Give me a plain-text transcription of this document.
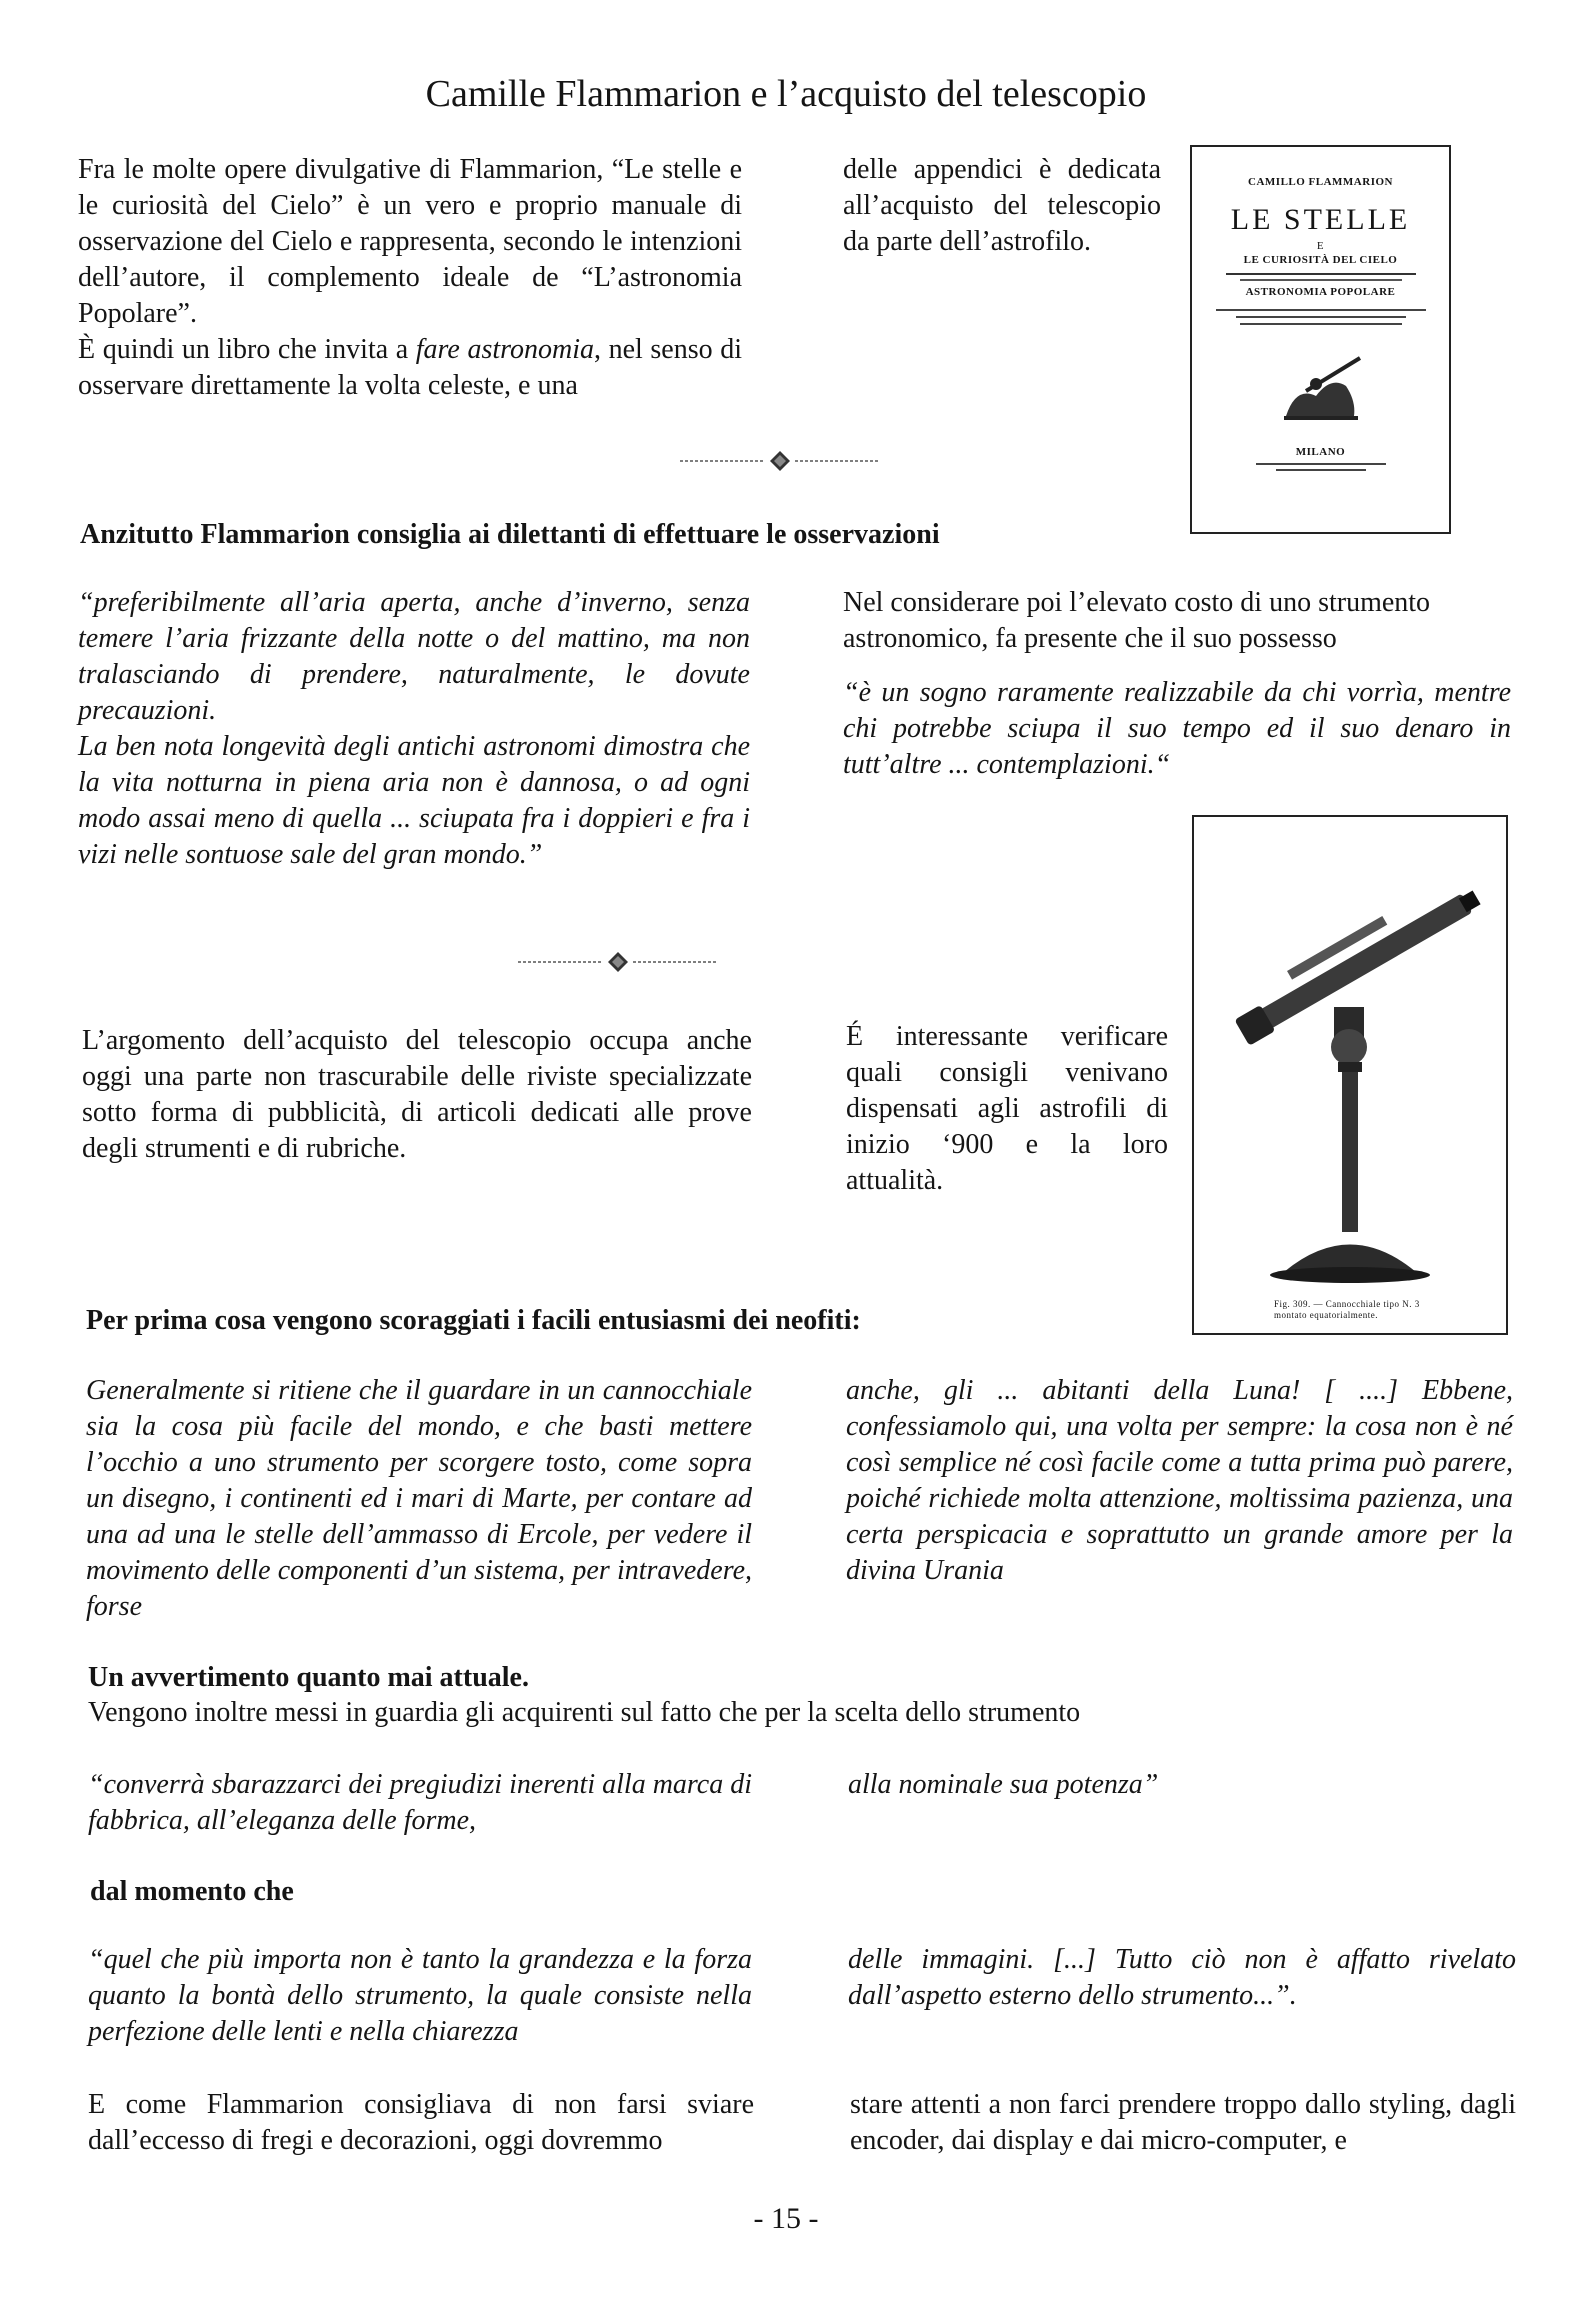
Camille Flammarion e l’acquisto del telescopio

Fra le molte opere divulgative di Flammarion, “Le stelle e le curiosità del Cielo” è un vero e proprio manuale di osservazione del Cielo e rappresenta, secondo le intenzioni dell’autore, il complemento ideale de “L’astronomia Popolare”.

È quindi un libro che invita a fare astronomia, nel senso di osservare direttamente la volta celeste, e una

delle appendici è dedicata all’acquisto del telescopio da parte dell’astrofilo.

CAMILLO FLAMMARION
LE STELLE
E
LE CURIOSITÀ DEL CIELO
ASTRONOMIA POPOLARE
MILANO
Anzitutto Flammarion consiglia ai dilettanti di effettuare le osservazioni

“preferibilmente all’aria aperta, anche d’inverno, senza temere l’aria frizzante della notte o del mattino, ma non tralasciando di prendere, naturalmente, le dovute precauzioni.

La ben nota longevità degli antichi astronomi dimostra che la vita notturna in piena aria non è dannosa, o ad ogni modo assai meno di quella ... sciupata fra i doppieri e fra i vizi nelle sontuose sale del gran mondo.”

Nel considerare poi l’elevato costo di uno strumento astronomico, fa presente che il suo possesso

“è un sogno raramente realizzabile da chi vorrìa, mentre chi potrebbe sciupa il suo tempo ed il suo denaro in tutt’altre ... contemplazioni.“

L’argomento dell’acquisto del telescopio occupa anche oggi una parte non trascurabile delle riviste specializzate sotto forma di pubblicità, di articoli dedicati alle prove degli strumenti e di rubriche.

É interessante verificare quali consigli venivano dispensati agli astrofili di inizio ‘900 e la loro attualità.

Fig. 309. — Cannocchiale tipo N. 3 montato equatorialmente.
Per prima cosa vengono scoraggiati i facili entusiasmi dei neofiti:

Generalmente si ritiene che il guardare in un cannocchiale sia la cosa più facile del mondo, e che basti mettere l’occhio a uno strumento per scorgere tosto, come sopra un disegno, i continenti ed i mari di Marte, per contare ad una ad una le stelle dell’ammasso di Ercole, per vedere il movimento delle componenti d’un sistema, per intravedere, forse

anche, gli ... abitanti della Luna! [ ....] Ebbene, confessiamolo qui, una volta per sempre: la cosa non è né così semplice né così facile come a tutta prima può parere, poiché richiede molta attenzione, moltissima pazienza, una certa perspicacia e soprattutto un grande amore per la divina Urania

Un avvertimento quanto mai attuale.
Vengono inoltre messi in guardia gli acquirenti sul fatto che per la scelta dello strumento

“converrà sbarazzarci dei pregiudizi inerenti alla marca di fabbrica, all’eleganza delle forme,

alla nominale sua potenza”

dal momento che

“quel che più importa non è tanto la grandezza e la forza quanto la bontà dello strumento, la quale consiste nella perfezione delle lenti e nella chiarezza

delle immagini. [...] Tutto ciò non è affatto rivelato dall’aspetto esterno dello strumento...”.

E come Flammarion consigliava di non farsi sviare dall’eccesso di fregi e decorazioni, oggi dovremmo

stare attenti a non farci prendere troppo dallo styling, dagli encoder, dai display e dai micro-computer, e

- 15 -
